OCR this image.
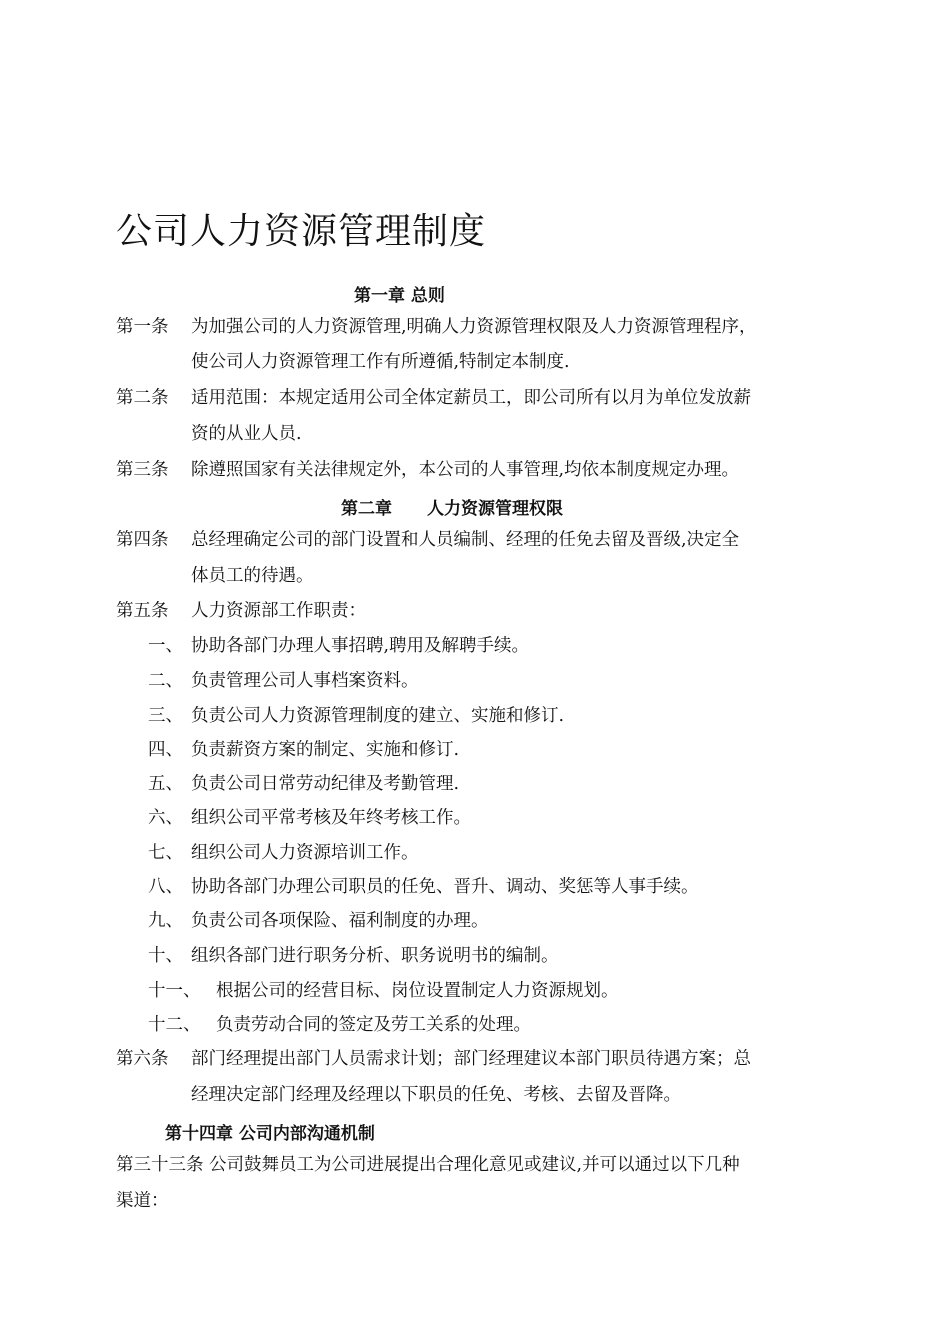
公司人力资源管理制度
第一章 总则
第一条 为加强公司的人力资源管理,明确人力资源管理权限及人力资源管理程序，
使公司人力资源管理工作有所遵循,特制定本制度.
第二条 适用范围：本规定适用公司全体定薪员工，即公司所有以月为单位发放薪
资的从业人员.
第三条 除遵照国家有关法律规定外，本公司的人事管理,均依本制度规定办理。
第二章 人力资源管理权限
第四条 总经理确定公司的部门设置和人员编制、经理的任免去留及晋级,决定全
体员工的待遇。
第五条 人力资源部工作职责：
一、 协助各部门办理人事招聘,聘用及解聘手续。
二、 负责管理公司人事档案资料。
三、 负责公司人力资源管理制度的建立、实施和修订.
四、 负责薪资方案的制定、实施和修订.
五、 负责公司日常劳动纪律及考勤管理.
六、 组织公司平常考核及年终考核工作。
七、 组织公司人力资源培训工作。
八、 协助各部门办理公司职员的任免、晋升、调动、奖惩等人事手续。
九、 负责公司各项保险、福利制度的办理。
十、 组织各部门进行职务分析、职务说明书的编制。
十一、 根据公司的经营目标、岗位设置制定人力资源规划。
十二、 负责劳动合同的签定及劳工关系的处理。
第六条 部门经理提出部门人员需求计划；部门经理建议本部门职员待遇方案；总
经理决定部门经理及经理以下职员的任免、考核、去留及晋降。
第十四章 公司内部沟通机制
第三十三条 公司鼓舞员工为公司进展提出合理化意见或建议,并可以通过以下几种
渠道：
